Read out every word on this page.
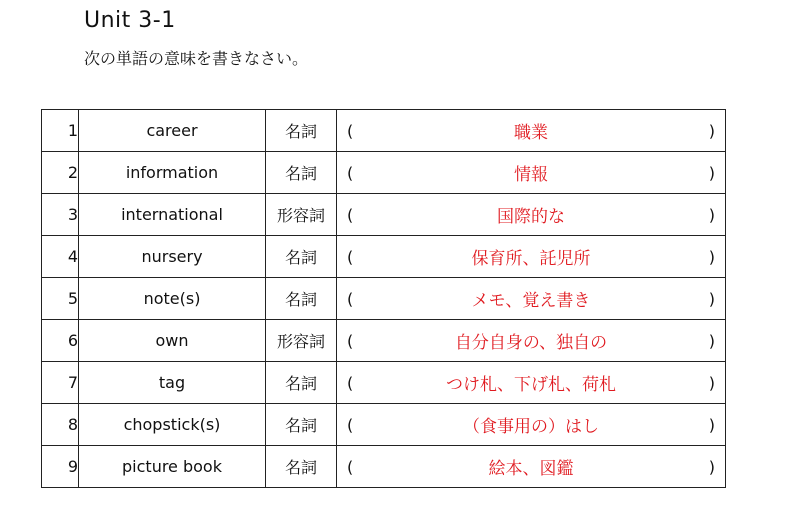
Unit 3-1
次の単語の意味を書きなさい。
1	career	名詞	( 職業 )

2	information	名詞	( 情報 )

3	international	形容詞	( 国際的な )

4	nursery	名詞	( 保育所、託児所 )

5	note(s)	名詞	( メモ、覚え書き )

6	own	形容詞	( 自分自身の、独自の )

7	tag	名詞	( つけ札、下げ札、荷札 )

8	chopstick(s)	名詞	( （食事用の）はし )

9	picture book	名詞	( 絵本、図鑑 )
